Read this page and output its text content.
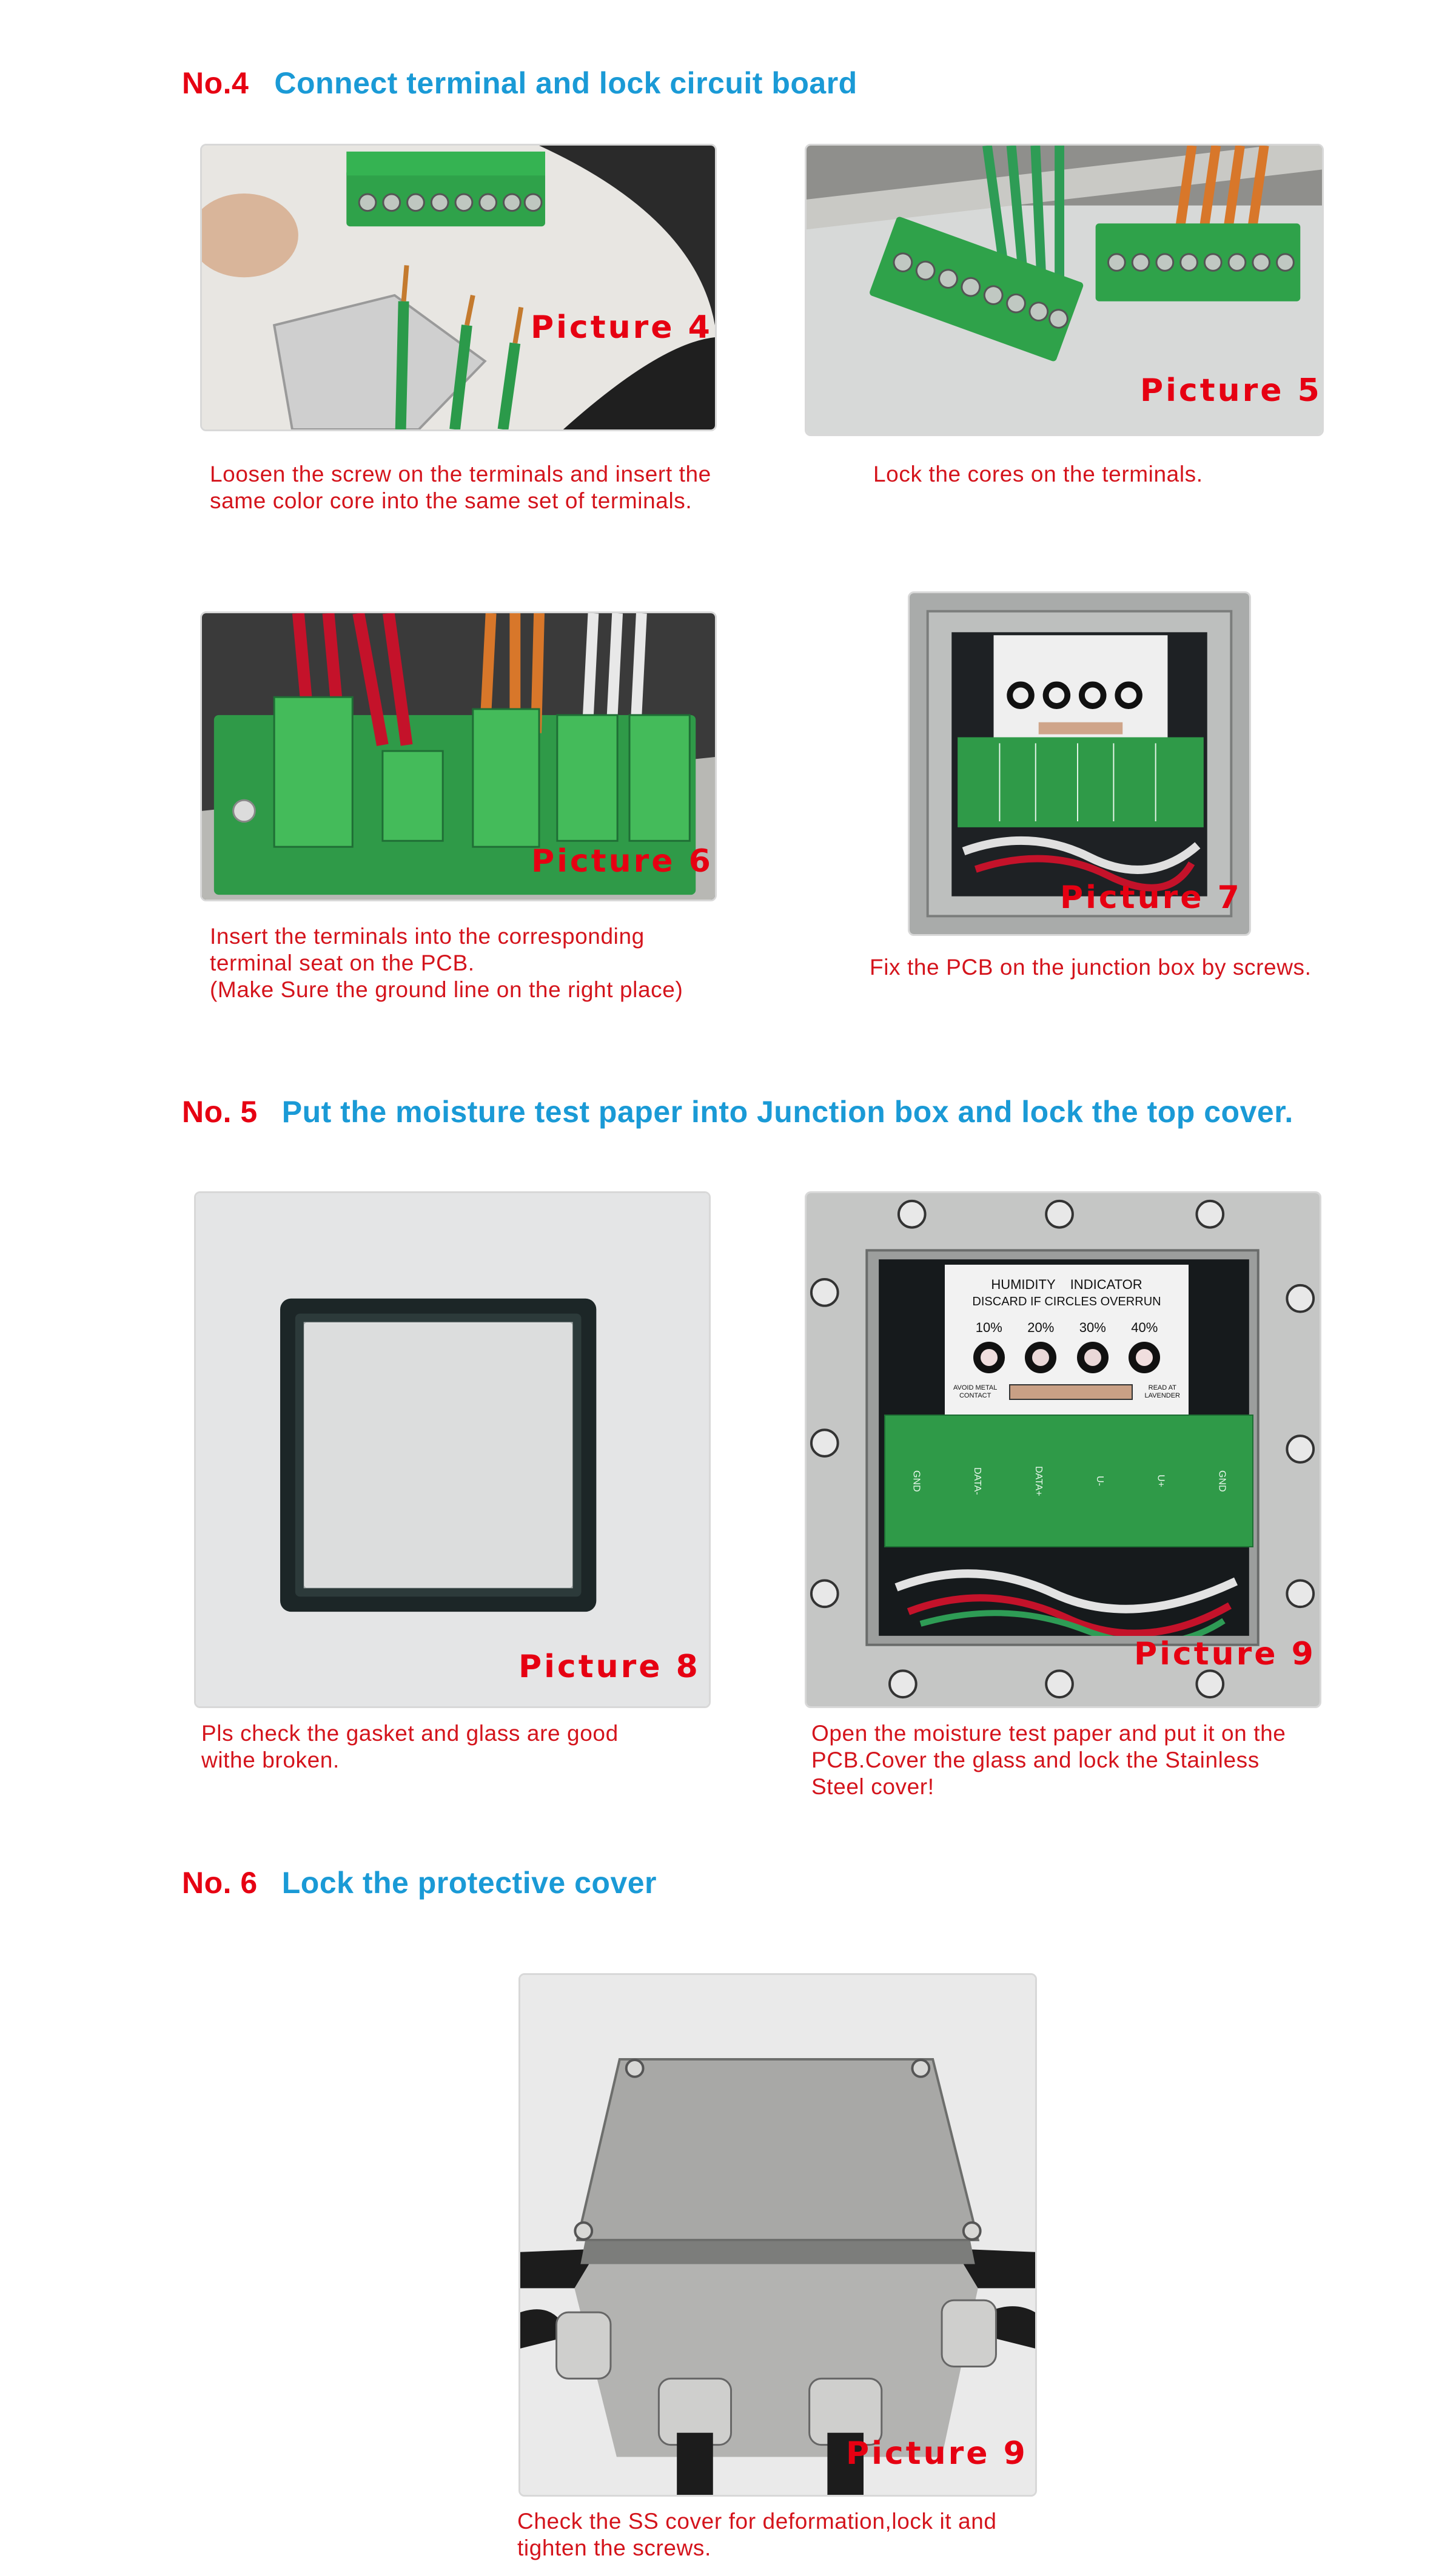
No.4 Connect terminal and lock circuit board
No. 5 Put the moisture test paper into Junction box and lock the top cover.
No. 6 Lock the protective cover
Picture 4
Loosen the screw on the terminals and insert the
same color core into the same set of terminals.
Picture 5
Lock the cores on the terminals.
Picture 6
Insert the terminals into the corresponding
terminal seat on the PCB.
(Make Sure the ground line on the right place)
Picture 7
Fix the PCB on the junction box by screws.
Picture 8
Pls check the gasket and glass are good
withe broken.
HUMIDITY    INDICATOR
DISCARD IF CIRCLES OVERRUN
10% 20% 30% 40%
AVOID METAL
CONTACT
READ AT
LAVENDER
GND	DATA-	DATA+	U-	U+	GND
Picture 9
Open the moisture test paper and put it on the
PCB.Cover the glass and lock the Stainless
Steel cover!
Picture 9
Check the SS cover for deformation,lock it and
tighten the screws.
